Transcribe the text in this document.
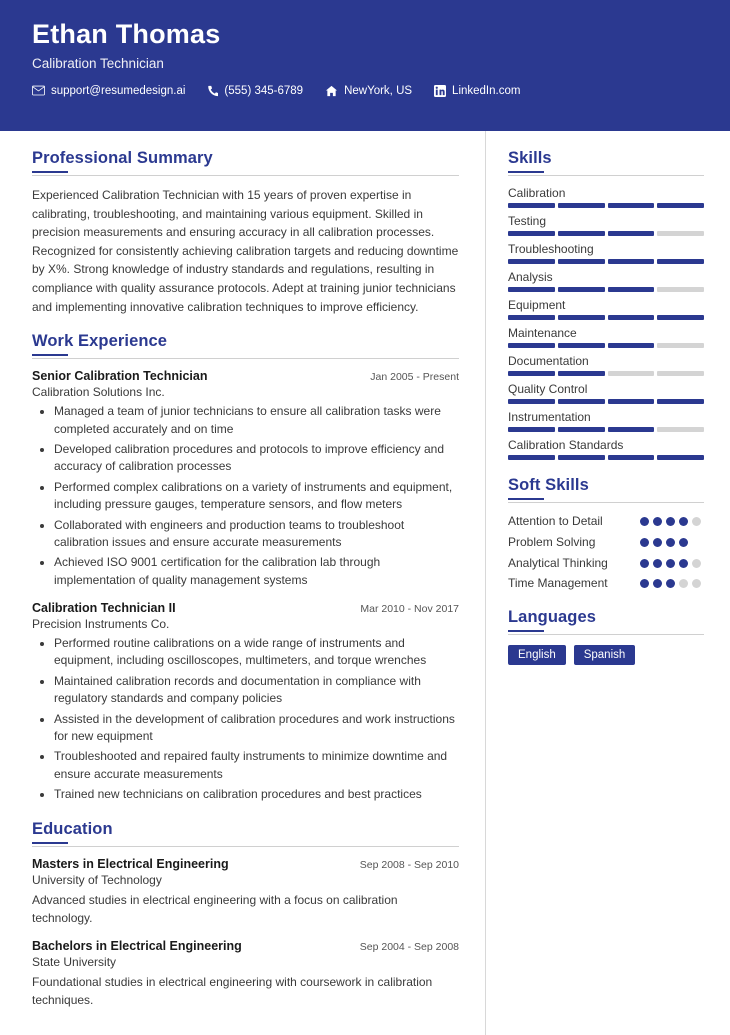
Ethan Thomas
Calibration Technician
support@resumedesign.ai	(555) 345-6789	NewYork, US	LinkedIn.com
Professional Summary

Experienced Calibration Technician with 15 years of proven expertise in calibrating, troubleshooting, and maintaining various equipment. Skilled in precision measurements and ensuring accuracy in all calibration processes. Recognized for consistently achieving calibration targets and reducing downtime by X%. Strong knowledge of industry standards and regulations, resulting in compliance with quality assurance protocols. Adept at training junior technicians and implementing innovative calibration techniques to improve efficiency.

Work Experience
Senior Calibration Technician	Jan 2005 - Present
Calibration Solutions Inc.
• Managed a team of junior technicians to ensure all calibration tasks were completed accurately and on time
• Developed calibration procedures and protocols to improve efficiency and accuracy of calibration processes
• Performed complex calibrations on a variety of instruments and equipment, including pressure gauges, temperature sensors, and flow meters
• Collaborated with engineers and production teams to troubleshoot calibration issues and ensure accurate measurements
• Achieved ISO 9001 certification for the calibration lab through implementation of quality management systems
Calibration Technician II	Mar 2010 - Nov 2017
Precision Instruments Co.
• Performed routine calibrations on a wide range of instruments and equipment, including oscilloscopes, multimeters, and torque wrenches
• Maintained calibration records and documentation in compliance with regulatory standards and company policies
• Assisted in the development of calibration procedures and work instructions for new equipment
• Troubleshooted and repaired faulty instruments to minimize downtime and ensure accurate measurements
• Trained new technicians on calibration procedures and best practices
Education
Masters in Electrical Engineering	Sep 2008 - Sep 2010
University of Technology

Advanced studies in electrical engineering with a focus on calibration technology.

Bachelors in Electrical Engineering	Sep 2004 - Sep 2008
State University

Foundational studies in electrical engineering with coursework in calibration techniques.

Skills
Calibration
Testing
Troubleshooting
Analysis
Equipment
Maintenance
Documentation
Quality Control
Instrumentation
Calibration Standards
Soft Skills
Attention to Detail
Problem Solving
Analytical Thinking
Time Management
Languages
English	Spanish
